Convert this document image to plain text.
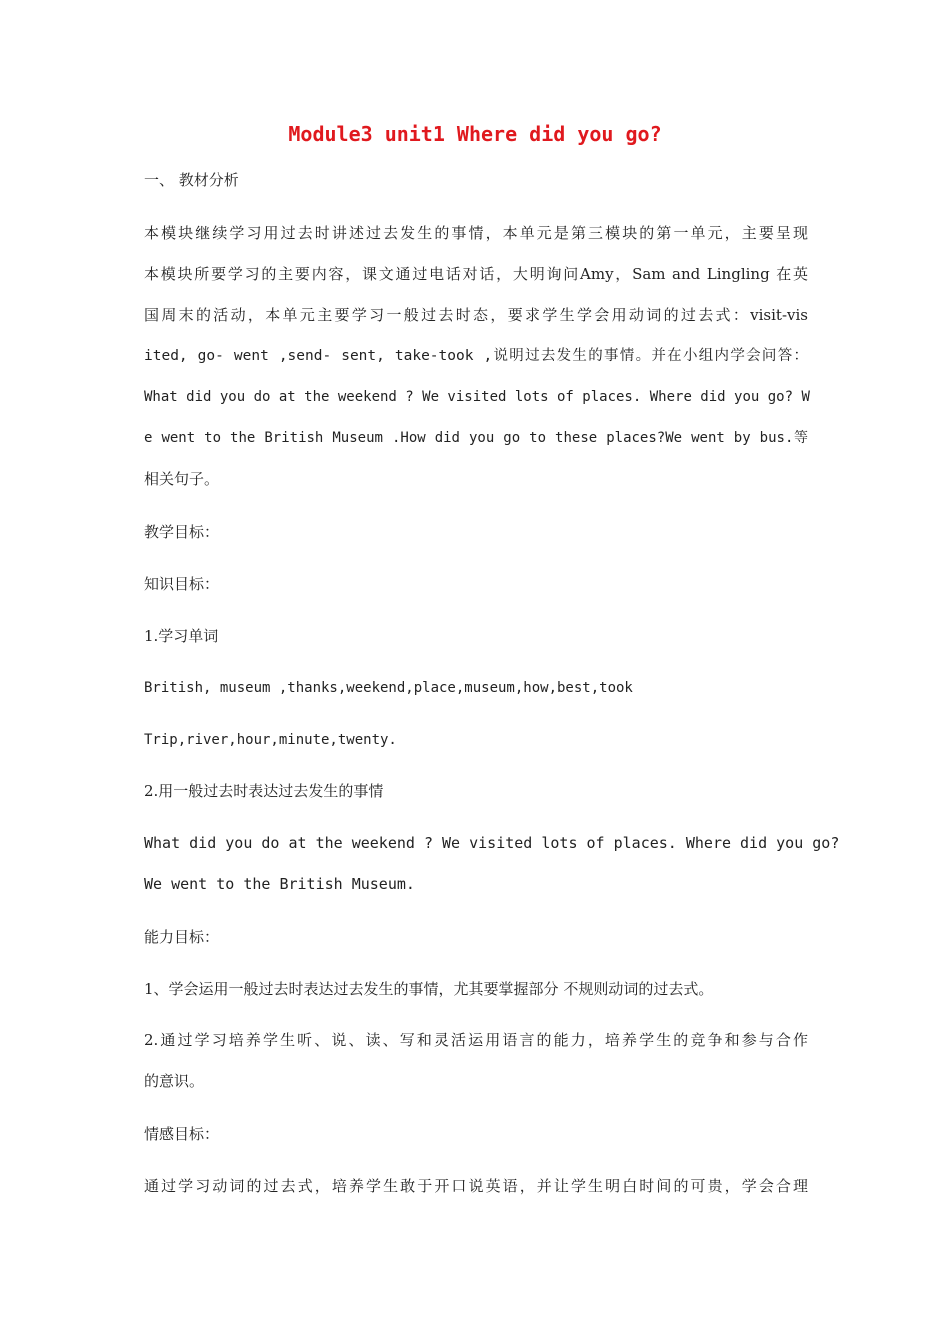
Module3 unit1 Where did you go?
一、 教材分析
本模块继续学习用过去时讲述过去发生的事情，本单元是第三模块的第一单元，主要呈现
本模块所要学习的主要内容，课文通过电话对话，大明询问Amy，Sam and Lingling 在英
国周末的活动，本单元主要学习一般过去时态，要求学生学会用动词的过去式：visit-vis
ited, go- went ,send- sent, take-took ,说明过去发生的事情。并在小组内学会问答：
What did you do at the weekend ? We visited lots of places. Where did you go? W
e went to the British Museum .How did you go to these places?We went by bus.等
相关句子。
教学目标：
知识目标：
1.学习单词
British, museum ,thanks,weekend,place,museum,how,best,took
Trip,river,hour,minute,twenty.
2.用一般过去时表达过去发生的事情
What did you do at the weekend ? We visited lots of places. Where did you go?
We went to the British Museum.
能力目标：
1、学会运用一般过去时表达过去发生的事情，尤其要掌握部分 不规则动词的过去式。
2.通过学习培养学生听、说、读、写和灵活运用语言的能力，培养学生的竞争和参与合作
的意识。
情感目标：
通过学习动词的过去式，培养学生敢于开口说英语，并让学生明白时间的可贵，学会合理
